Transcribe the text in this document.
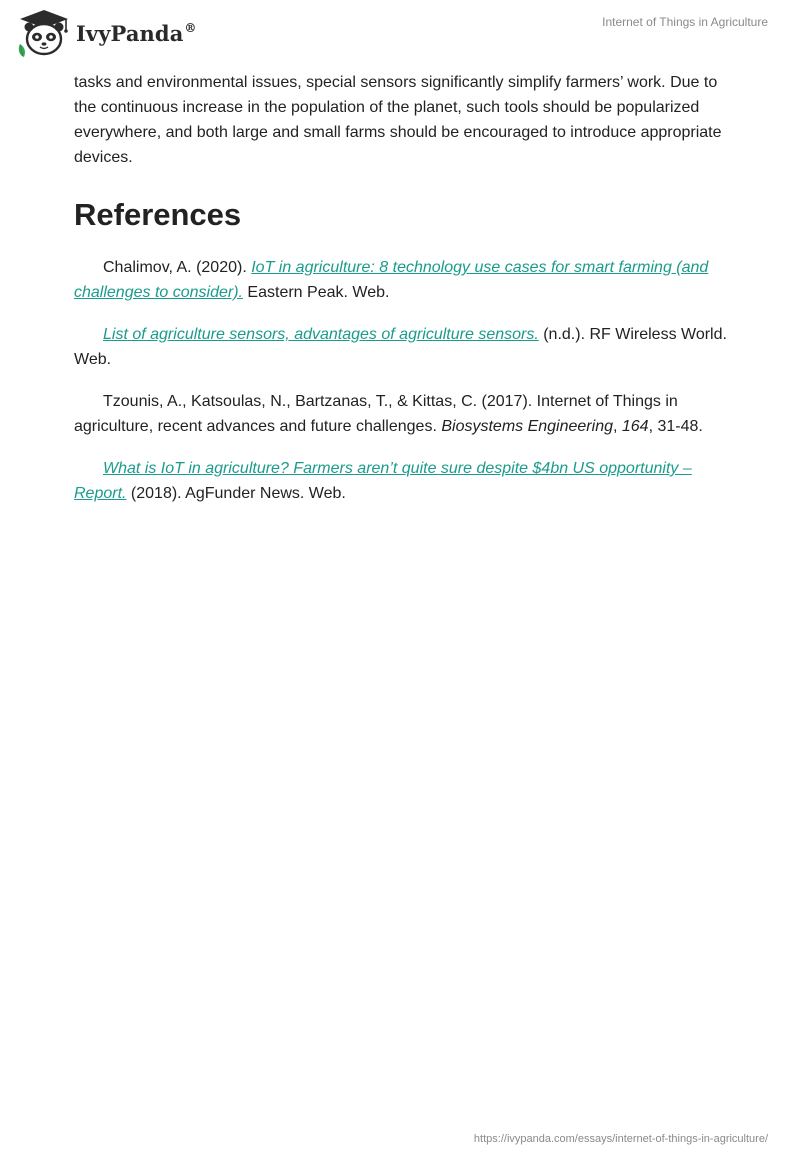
IvyPanda®	Internet of Things in Agriculture

tasks and environmental issues, special sensors significantly simplify farmers’ work. Due to the continuous increase in the population of the planet, such tools should be popularized everywhere, and both large and small farms should be encouraged to introduce appropriate devices.

References

Chalimov, A. (2020). IoT in agriculture: 8 technology use cases for smart farming (and challenges to consider). Eastern Peak. Web.

List of agriculture sensors, advantages of agriculture sensors. (n.d.). RF Wireless World. Web.

Tzounis, A., Katsoulas, N., Bartzanas, T., & Kittas, C. (2017). Internet of Things in agriculture, recent advances and future challenges. Biosystems Engineering, 164, 31-48.

What is IoT in agriculture? Farmers aren’t quite sure despite $4bn US opportunity – Report. (2018). AgFunder News. Web.

https://ivypanda.com/essays/internet-of-things-in-agriculture/
